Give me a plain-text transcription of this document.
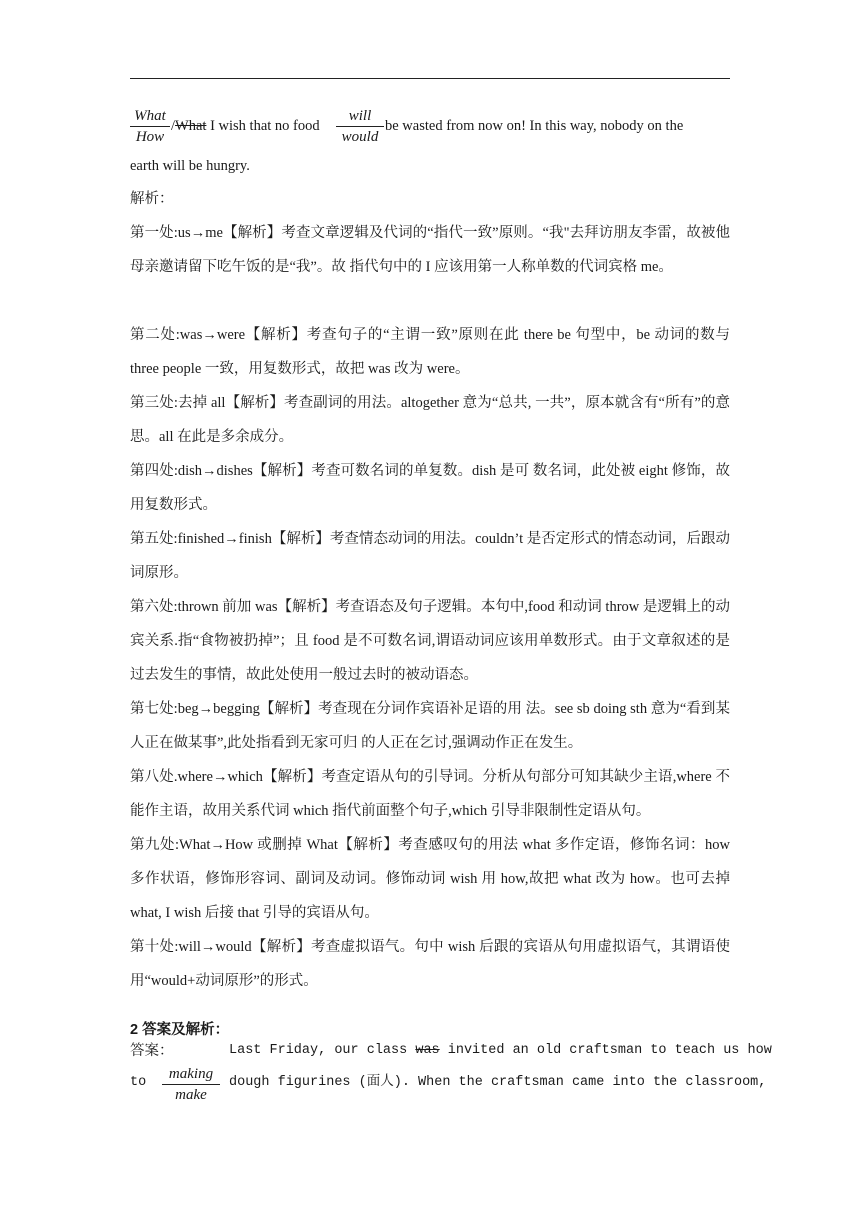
What
How
/What I wish that no food
will
would
be wasted from now on! In this way, nobody on the
earth will be hungry.
解析：
第一处:us→me【解析】考查文章逻辑及代词的“指代一致”原则。“我"去拜访朋友李雷，故被他母亲邀请留下吃午饭的是“我”。故 指代句中的 I 应该用第一人称单数的代词宾格 me。
第二处:was→were【解析】考查句子的“主谓一致”原则在此 there be 句型中，be 动词的数与 three people 一致，用复数形式，故把 was 改为 were。
第三处:去掉 all【解析】考查副词的用法。altogether 意为“总共, 一共”，原本就含有“所有”的意思。all 在此是多余成分。
第四处:dish→dishes【解析】考查可数名词的单复数。dish 是可 数名词，此处被 eight 修饰，故用复数形式。
第五处:finished→finish【解析】考查情态动词的用法。couldn’t 是否定形式的情态动词，后跟动词原形。
第六处:thrown 前加 was【解析】考查语态及句子逻辑。本句中,food 和动词 throw 是逻辑上的动宾关系.指“食物被扔掉”；且 food 是不可数名词,谓语动词应该用单数形式。由于文章叙述的是过去发生的事情，故此处使用一般过去时的被动语态。
第七处:beg→begging【解析】考查现在分词作宾语补足语的用 法。see sb doing sth 意为“看到某人正在做某事”,此处指看到无家可归 的人正在乞讨,强调动作正在发生。
第八处.where→which【解析】考查定语从句的引导词。分析从句部分可知其缺少主语,where 不能作主语，故用关系代词 which 指代前面整个句子,which 引导非限制性定语从句。
第九处:What→How 或删掉 What【解析】考查感叹句的用法 what 多作定语，修饰名词：how 多作状语，修饰形容词、副词及动词。修饰动词 wish 用 how,故把 what 改为 how。也可去掉 what, I wish 后接 that 引导的宾语从句。
第十处:will→would【解析】考查虚拟语气。句中 wish 后跟的宾语从句用虚拟语气，其谓语使用“would+动词原形”的形式。
2 答案及解析：
答案：	Last Friday, our class was invited an old craftsman to teach us how
to
making
make
dough figurines (面人). When the craftsman came into the classroom,
